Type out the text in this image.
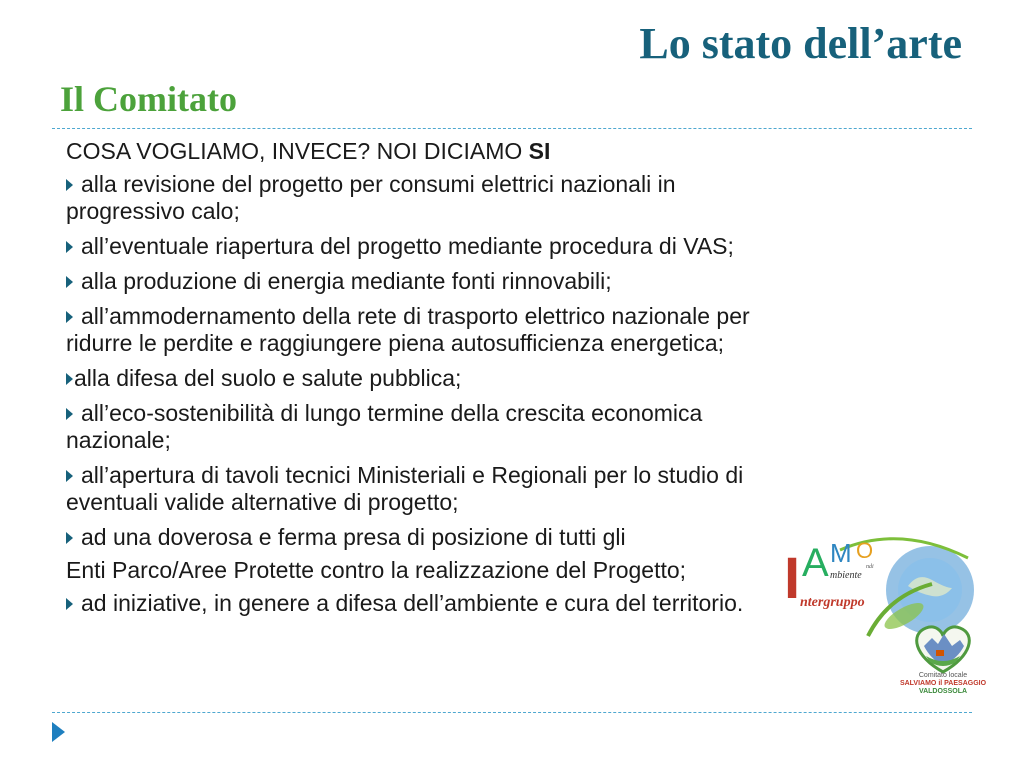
Lo stato dell’arte
Il Comitato

COSA VOGLIAMO, INVECE? NOI DICIAMO SI

alla revisione del progetto per consumi elettrici nazionali in
progressivo calo;

all’eventuale riapertura del progetto mediante procedura di VAS;

alla produzione di energia mediante fonti rinnovabili;

all’ammodernamento della rete di trasporto elettrico nazionale per
ridurre le perdite e raggiungere piena autosufficienza energetica;

alla difesa del suolo e salute pubblica;

all’eco-sostenibilità di lungo termine della crescita economica
nazionale;

all’apertura di tavoli tecnici Ministeriali e Regionali per lo studio di
eventuali valide alternative di progetto;

ad una doverosa e ferma presa di posizione di tutti gli

Enti Parco/Aree Protette contro la realizzazione del Progetto;

ad iniziative, in genere a difesa dell’ambiente e cura del territorio. I A M O
mbiente
ntergruppo
ndi
Comitato locale
SALVIAMO il PAESAGGIO
VALDOSSOLA
